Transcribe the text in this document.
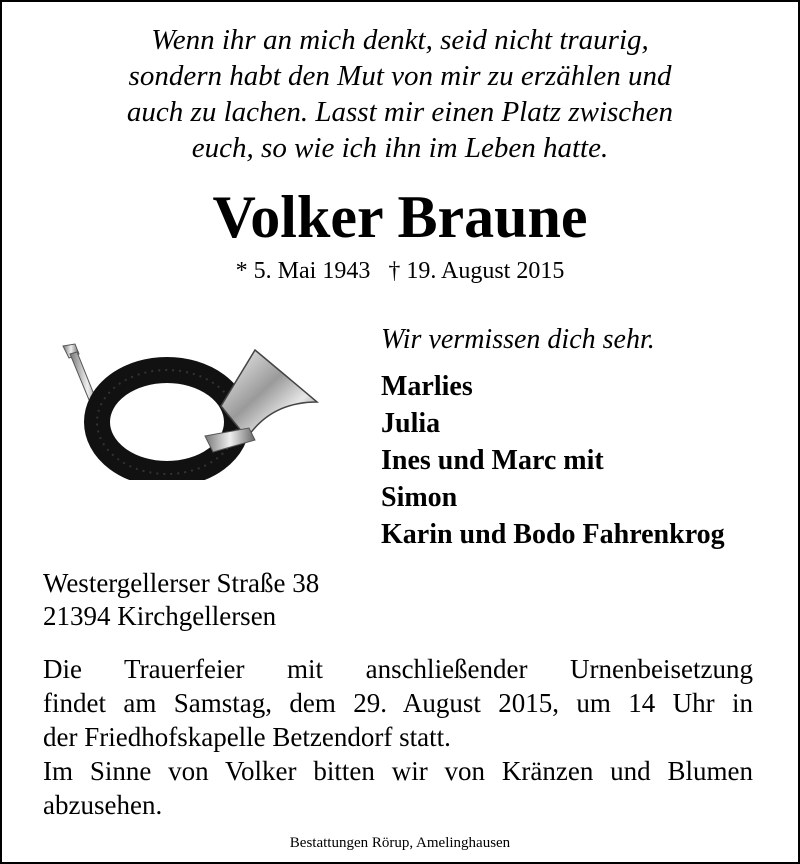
Wenn ihr an mich denkt, seid nicht traurig,
sondern habt den Mut von mir zu erzählen und
auch zu lachen. Lasst mir einen Platz zwischen
euch, so wie ich ihn im Leben hatte.
Volker Braune
* 5. Mai 1943 † 19. August 2015
Wir vermissen dich sehr.
Marlies
Julia
Ines und Marc mit
Simon
Karin und Bodo Fahrenkrog
Westergellerser Straße 38
21394 Kirchgellersen
Die Trauerfeier mit anschließender Urnenbeisetzung
findet am Samstag, dem 29. August 2015, um 14 Uhr in
der Friedhofskapelle Betzendorf statt.
Im Sinne von Volker bitten wir von Kränzen und Blumen
abzusehen.
Bestattungen Rörup, Amelinghausen
